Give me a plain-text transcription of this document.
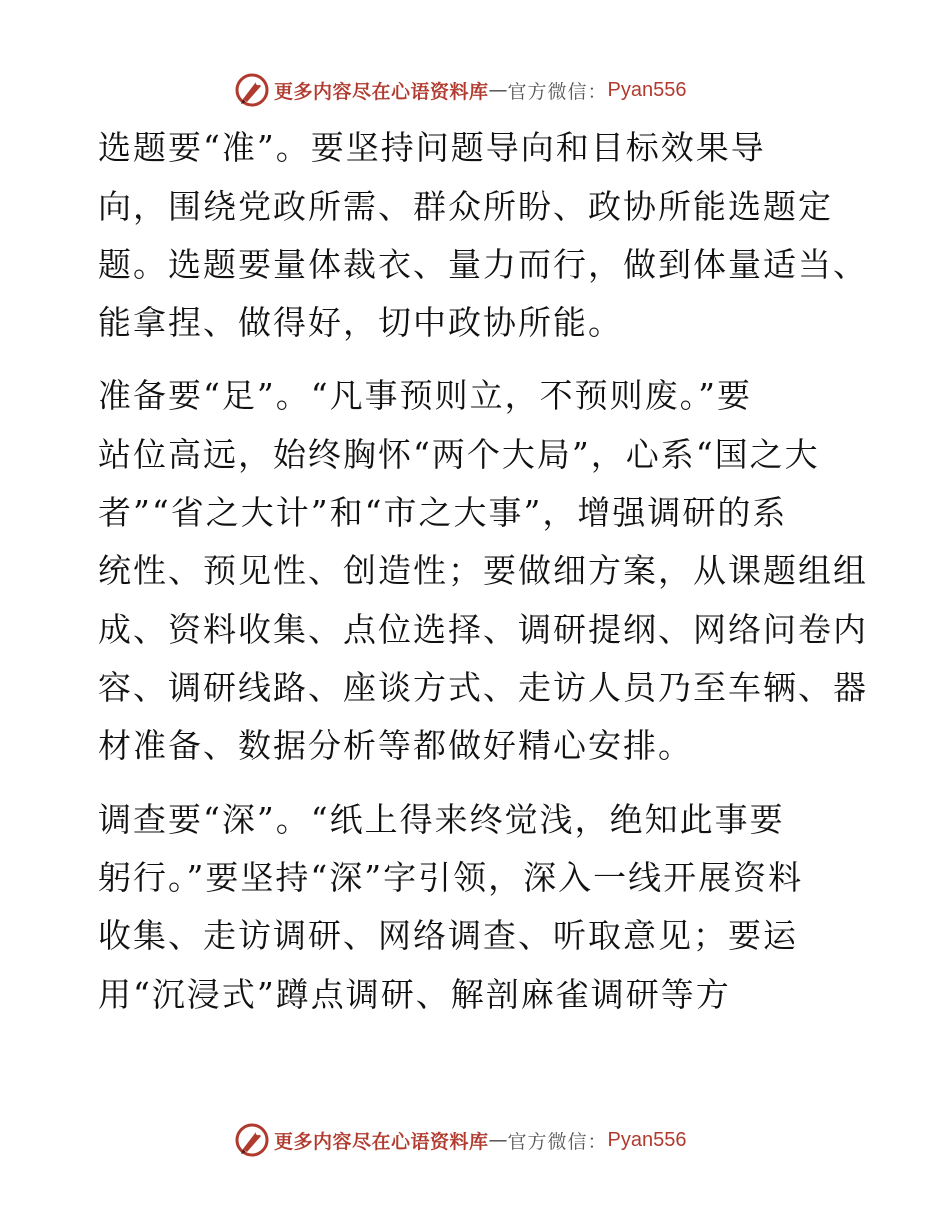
更多内容尽在心语资料库 — 官方微信： Pyan556
选题要“准”。要坚持问题导向和目标效果导
向，围绕党政所需、群众所盼、政协所能选题定
题。选题要量体裁衣、量力而行，做到体量适当、
能拿捏、做得好，切中政协所能。
准备要“足”。“凡事预则立，不预则废。”要
站位高远，始终胸怀“两个大局”，心系“国之大
者”“省之大计”和“市之大事”，增强调研的系
统性、预见性、创造性；要做细方案，从课题组组
成、资料收集、点位选择、调研提纲、网络问卷内
容、调研线路、座谈方式、走访人员乃至车辆、器
材准备、数据分析等都做好精心安排。
调查要“深”。“纸上得来终觉浅，绝知此事要
躬行。”要坚持“深”字引领，深入一线开展资料
收集、走访调研、网络调查、听取意见；要运
用“沉浸式”蹲点调研、解剖麻雀调研等方
更多内容尽在心语资料库 — 官方微信： Pyan556
